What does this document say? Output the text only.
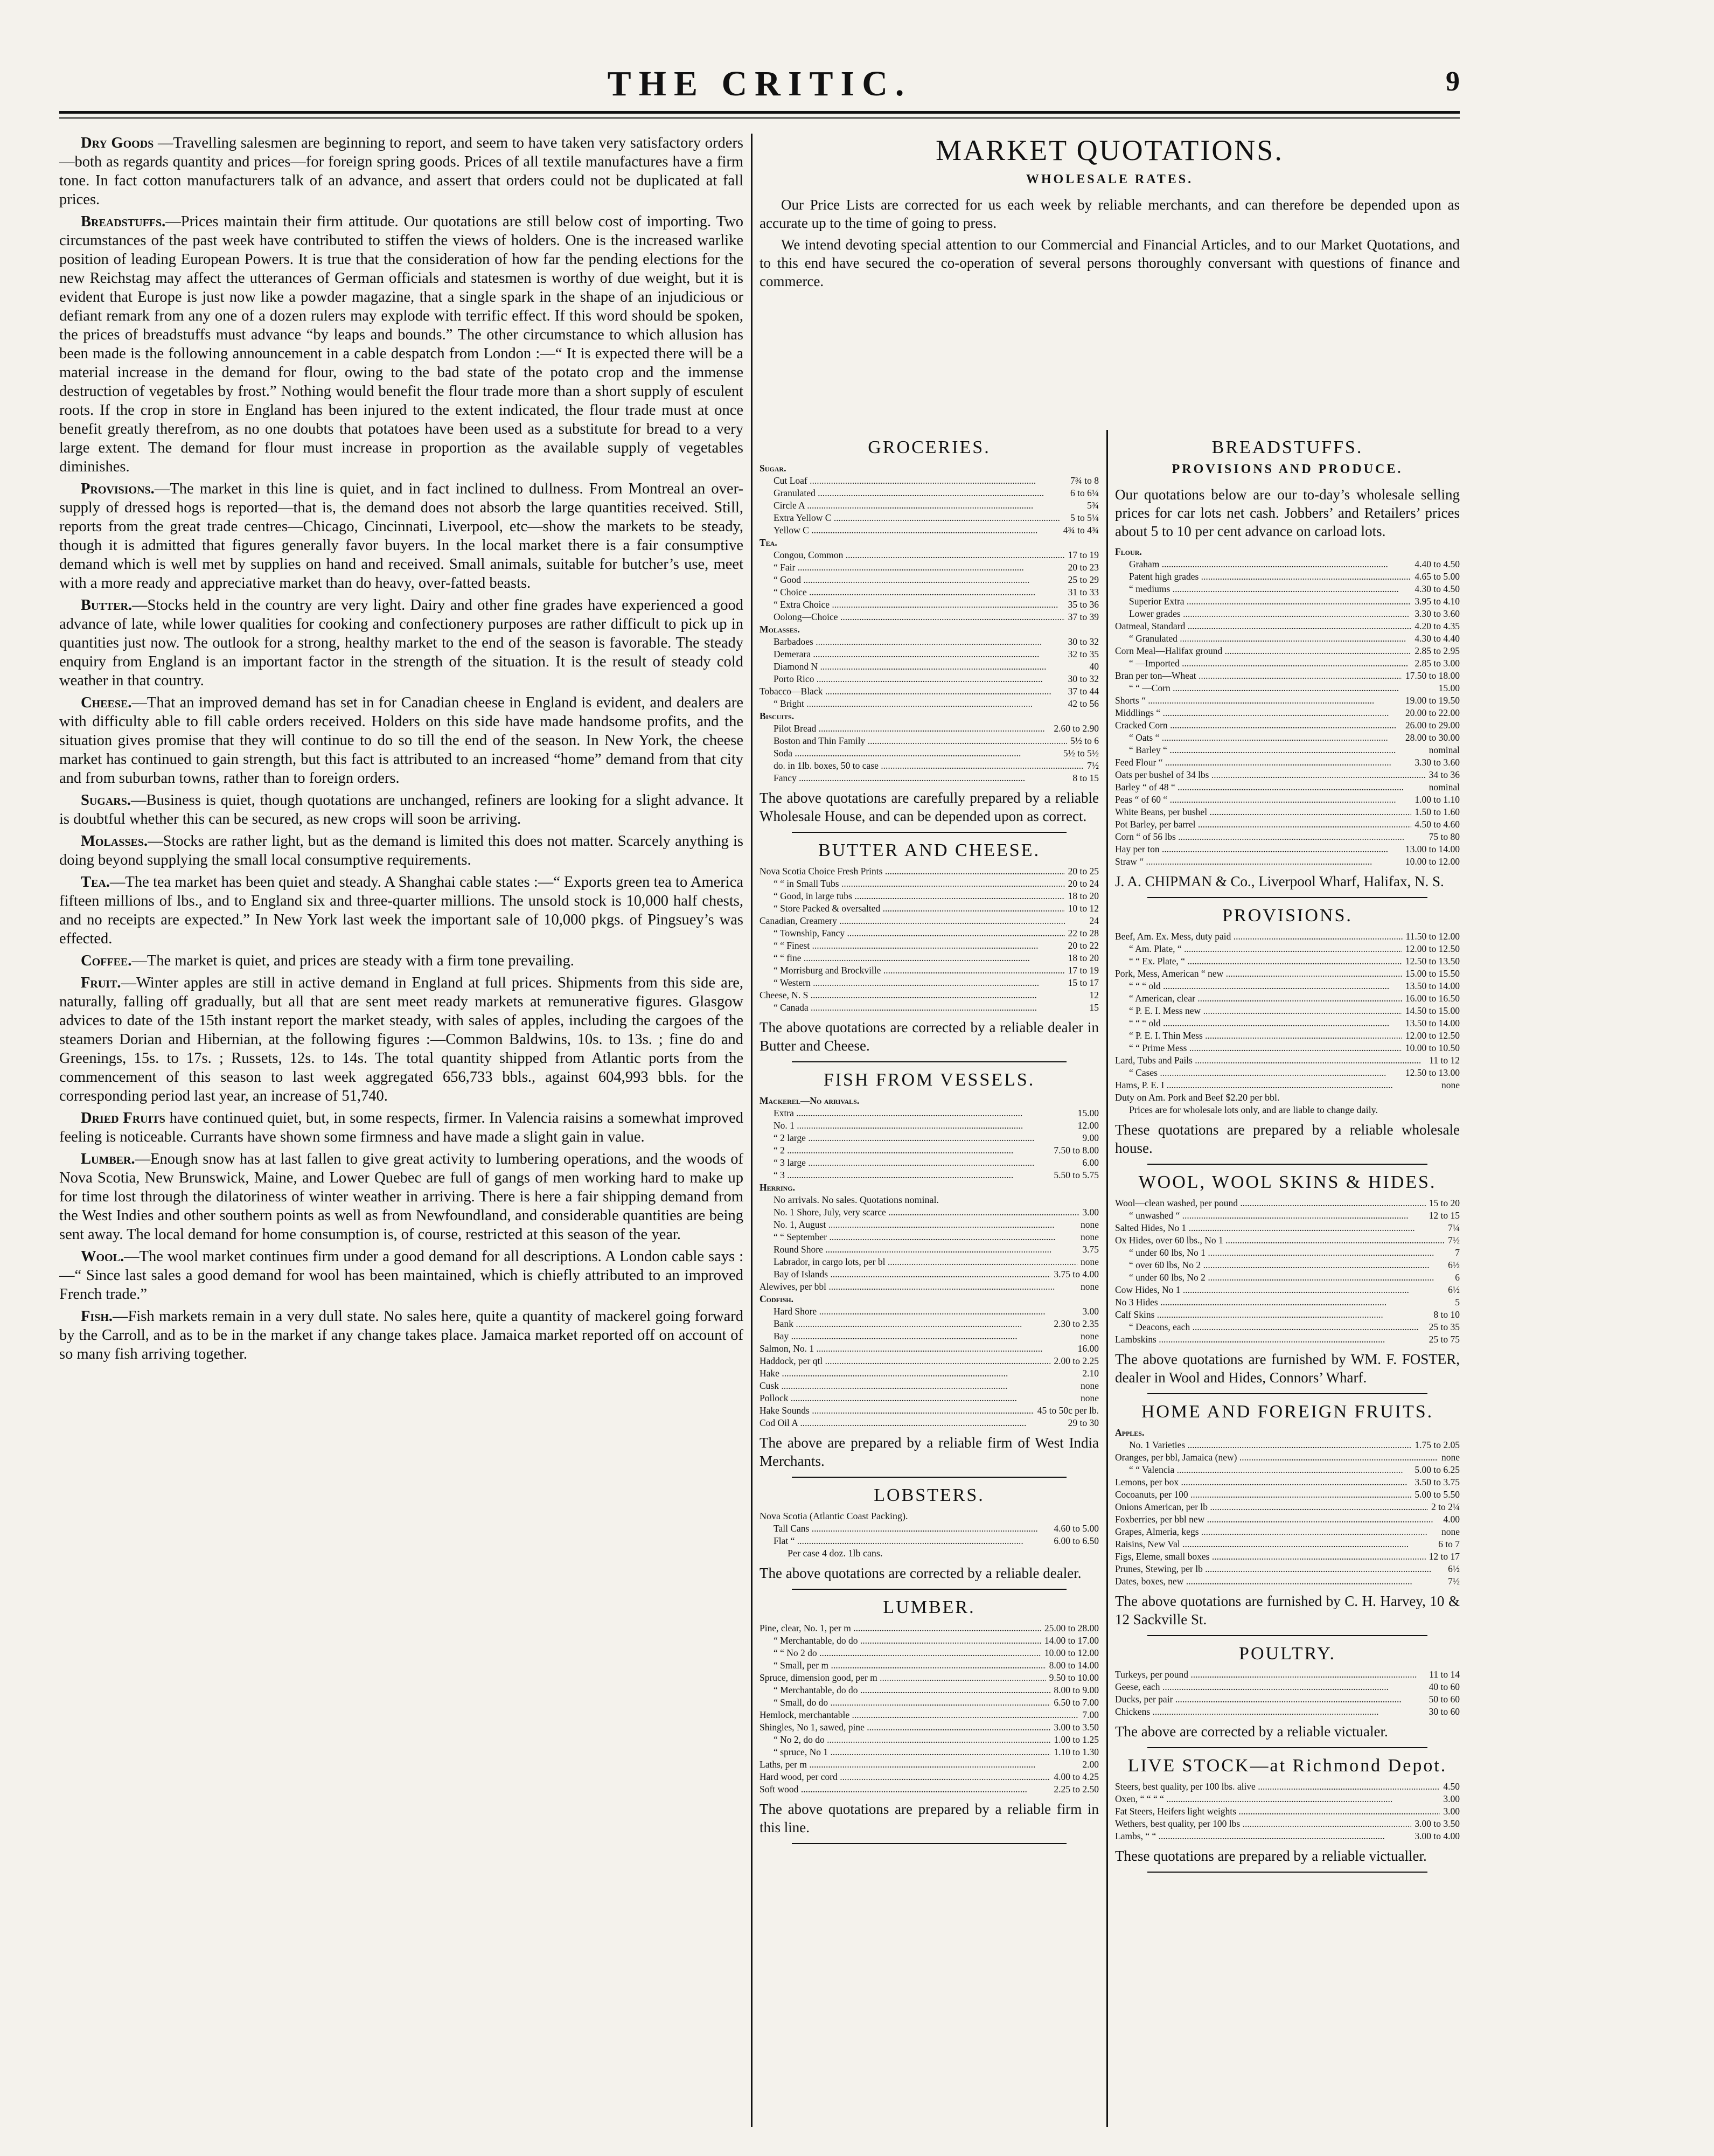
THE CRITIC.	9

Dry Goods —Travelling salesmen are beginning to report, and seem to have taken very satisfactory orders—both as regards quantity and prices—for foreign spring goods. Prices of all textile manufactures have a firm tone. In fact cotton manufacturers talk of an advance, and assert that orders could not be duplicated at fall prices.

Breadstuffs.—Prices maintain their firm attitude. Our quotations are still below cost of importing. Two circumstances of the past week have contributed to stiffen the views of holders. One is the increased warlike position of leading European Powers. It is true that the consideration of how far the pending elections for the new Reichstag may affect the utterances of German officials and statesmen is worthy of due weight, but it is evident that Europe is just now like a powder magazine, that a single spark in the shape of an injudicious or defiant remark from any one of a dozen rulers may explode with terrific effect. If this word should be spoken, the prices of breadstuffs must advance “by leaps and bounds.” The other circumstance to which allusion has been made is the following announcement in a cable despatch from London :—“ It is expected there will be a material increase in the demand for flour, owing to the bad state of the potato crop and the immense destruction of vegetables by frost.” Nothing would benefit the flour trade more than a short supply of esculent roots. If the crop in store in England has been injured to the extent indicated, the flour trade must at once benefit greatly therefrom, as no one doubts that potatoes have been used as a substitute for bread to a very large extent. The demand for flour must increase in proportion as the available supply of vegetables diminishes.

Provisions.—The market in this line is quiet, and in fact inclined to dullness. From Montreal an over-supply of dressed hogs is reported—that is, the demand does not absorb the large quantities received. Still, reports from the great trade centres—Chicago, Cincinnati, Liverpool, etc—show the markets to be steady, though it is admitted that figures generally favor buyers. In the local market there is a fair consumptive demand which is well met by supplies on hand and received. Small animals, suitable for butcher’s use, meet with a more ready and appreciative market than do heavy, over-fatted beasts.

Butter.—Stocks held in the country are very light. Dairy and other fine grades have experienced a good advance of late, while lower qualities for cooking and confectionery purposes are rather difficult to pick up in quantities just now. The outlook for a strong, healthy market to the end of the season is favorable. The steady enquiry from England is an important factor in the strength of the situation. It is the result of steady cold weather in that country.

Cheese.—That an improved demand has set in for Canadian cheese in England is evident, and dealers are with difficulty able to fill cable orders received. Holders on this side have made handsome profits, and the situation gives promise that they will continue to do so till the end of the season. In New York, the cheese market has continued to gain strength, but this fact is attributed to an increased “home” demand from that city and from suburban towns, rather than to foreign orders.

Sugars.—Business is quiet, though quotations are unchanged, refiners are looking for a slight advance. It is doubtful whether this can be secured, as new crops will soon be arriving.

Molasses.—Stocks are rather light, but as the demand is limited this does not matter. Scarcely anything is doing beyond supplying the small local consumptive requirements.

Tea.—The tea market has been quiet and steady. A Shanghai cable states :—“ Exports green tea to America fifteen millions of lbs., and to England six and three-quarter millions. The unsold stock is 10,000 half chests, and no receipts are expected.” In New York last week the important sale of 10,000 pkgs. of Pingsuey’s was effected.

Coffee.—The market is quiet, and prices are steady with a firm tone prevailing.

Fruit.—Winter apples are still in active demand in England at full prices. Shipments from this side are, naturally, falling off gradually, but all that are sent meet ready markets at remunerative figures. Glasgow advices to date of the 15th instant report the market steady, with sales of apples, including the cargoes of the steamers Dorian and Hibernian, at the following figures :—Common Baldwins, 10s. to 13s. ; fine do and Greenings, 15s. to 17s. ; Russets, 12s. to 14s. The total quantity shipped from Atlantic ports from the commencement of this season to last week aggregated 656,733 bbls., against 604,993 bbls. for the corresponding period last year, an increase of 51,740.

Dried Fruits have continued quiet, but, in some respects, firmer. In Valencia raisins a somewhat improved feeling is noticeable. Currants have shown some firmness and have made a slight gain in value.

Lumber.—Enough snow has at last fallen to give great activity to lumbering operations, and the woods of Nova Scotia, New Brunswick, Maine, and Lower Quebec are full of gangs of men working hard to make up for time lost through the dilatoriness of winter weather in arriving. There is here a fair shipping demand from the West Indies and other southern points as well as from Newfoundland, and considerable quantities are being sent away. The local demand for home consumption is, of course, restricted at this season of the year.

Wool.—The wool market continues firm under a good demand for all descriptions. A London cable says :—“ Since last sales a good demand for wool has been maintained, which is chiefly attributed to an improved French trade.”

Fish.—Fish markets remain in a very dull state. No sales here, quite a quantity of mackerel going forward by the Carroll, and as to be in the market if any change takes place. Jamaica market reported off on account of so many fish arriving together.

MARKET QUOTATIONS.
WHOLESALE RATES.

Our Price Lists are corrected for us each week by reliable merchants, and can therefore be depended upon as accurate up to the time of going to press.

We intend devoting special attention to our Commercial and Financial Articles, and to our Market Quotations, and to this end have secured the co-operation of several persons thoroughly conversant with questions of finance and commerce.

GROCERIES.
Sugar.
Cut Loaf .....	7¾ to 8
Granulated .....	6 to 6¼
Circle A .....	5¾
Extra Yellow C .....	5 to 5¼
Yellow C .....	4¾ to 4¾
Tea.
Congou, Common .....	17 to 19
“ Fair .....	20 to 23
“ Good .....	25 to 29
“ Choice .....	31 to 33
“ Extra Choice .....	35 to 36
Oolong—Choice .....	37 to 39
Molasses.
Barbadoes .....	30 to 32
Demerara .....	32 to 35
Diamond N .....	40
Porto Rico .....	30 to 32
Tobacco—Black .....	37 to 44
“ Bright .....	42 to 56
Biscuits.
Pilot Bread .....	2.60 to 2.90
Boston and Thin Family .....	5½ to 6
Soda .....	5½ to 5½
do. in 1lb. boxes, 50 to case .....	7½
Fancy .....	8 to 15

The above quotations are carefully prepared by a reliable Wholesale House, and can be depended upon as correct.

BUTTER AND CHEESE.
Nova Scotia Choice Fresh Prints .....	20 to 25
“ “ in Small Tubs .....	20 to 24
“ Good, in large tubs .....	18 to 20
“ Store Packed & oversalted .....	10 to 12
Canadian, Creamery .....	24
“ Township, Fancy .....	22 to 28
“ “ Finest .....	20 to 22
“ “ fine .....	18 to 20
“ Morrisburg and Brockville .....	17 to 19
“ Western .....	15 to 17
Cheese, N. S .....	12
“ Canada .....	15

The above quotations are corrected by a reliable dealer in Butter and Cheese.

FISH FROM VESSELS.
Mackerel—No arrivals.
Extra .....	15.00
No. 1 .....	12.00
“ 2 large .....	9.00
“ 2 .....	7.50 to 8.00
“ 3 large .....	6.00
“ 3 .....	5.50 to 5.75
Herring.
No arrivals. No sales. Quotations nominal.
No. 1 Shore, July, very scarce .....	3.00
No. 1, August .....	none
“ “ September .....	none
Round Shore .....	3.75
Labrador, in cargo lots, per bl .....	none
Bay of Islands .....	3.75 to 4.00
Alewives, per bbl .....	none
Codfish.
Hard Shore .....	3.00
Bank .....	2.30 to 2.35
Bay .....	none
Salmon, No. 1 .....	16.00
Haddock, per qtl .....	2.00 to 2.25
Hake .....	2.10
Cusk .....	none
Pollock .....	none
Hake Sounds .....	45 to 50c per lb.
Cod Oil A .....	29 to 30

The above are prepared by a reliable firm of West India Merchants.

LOBSTERS.
Nova Scotia (Atlantic Coast Packing).
Tall Cans .....	4.60 to 5.00
Flat “ .....	6.00 to 6.50
Per case 4 doz. 1lb cans.

The above quotations are corrected by a reliable dealer.

LUMBER.
Pine, clear, No. 1, per m .....	25.00 to 28.00
“ Merchantable, do do .....	14.00 to 17.00
“ “ No 2 do .....	10.00 to 12.00
“ Small, per m .....	8.00 to 14.00
Spruce, dimension good, per m .....	9.50 to 10.00
“ Merchantable, do do .....	8.00 to 9.00
“ Small, do do .....	6.50 to 7.00
Hemlock, merchantable .....	7.00
Shingles, No 1, sawed, pine .....	3.00 to 3.50
“ No 2, do do .....	1.00 to 1.25
“ spruce, No 1 .....	1.10 to 1.30
Laths, per m .....	2.00
Hard wood, per cord .....	4.00 to 4.25
Soft wood .....	2.25 to 2.50

The above quotations are prepared by a reliable firm in this line.

BREADSTUFFS.
PROVISIONS AND PRODUCE.

Our quotations below are our to-day’s wholesale selling prices for car lots net cash. Jobbers’ and Retailers’ prices about 5 to 10 per cent advance on carload lots.

Flour.
Graham .....	4.40 to 4.50
Patent high grades .....	4.65 to 5.00
“ mediums .....	4.30 to 4.50
Superior Extra .....	3.95 to 4.10
Lower grades .....	3.30 to 3.60
Oatmeal, Standard .....	4.20 to 4.35
“ Granulated .....	4.30 to 4.40
Corn Meal—Halifax ground .....	2.85 to 2.95
“ —Imported .....	2.85 to 3.00
Bran per ton—Wheat .....	17.50 to 18.00
“ “ —Corn .....	15.00
Shorts “ .....	19.00 to 19.50
Middlings “ .....	20.00 to 22.00
Cracked Corn .....	26.00 to 29.00
“ Oats “ .....	28.00 to 30.00
“ Barley “ .....	nominal
Feed Flour “ .....	3.30 to 3.60
Oats per bushel of 34 lbs .....	34 to 36
Barley “ of 48 “ .....	nominal
Peas “ of 60 “ .....	1.00 to 1.10
White Beans, per bushel .....	1.50 to 1.60
Pot Barley, per barrel .....	4.50 to 4.60
Corn “ of 56 lbs .....	75 to 80
Hay per ton .....	13.00 to 14.00
Straw “ .....	10.00 to 12.00

J. A. CHIPMAN & Co., Liverpool Wharf, Halifax, N. S.

PROVISIONS.
Beef, Am. Ex. Mess, duty paid .....	11.50 to 12.00
“ Am. Plate, “ .....	12.00 to 12.50
“ “ Ex. Plate, “ .....	12.50 to 13.50
Pork, Mess, American “ new .....	15.00 to 15.50
“ “ “ old .....	13.50 to 14.00
“ American, clear .....	16.00 to 16.50
“ P. E. I. Mess new .....	14.50 to 15.00
“ “ “ old .....	13.50 to 14.00
“ P. E. I. Thin Mess .....	12.00 to 12.50
“ “ Prime Mess .....	10.00 to 10.50
Lard, Tubs and Pails .....	11 to 12
“ Cases .....	12.50 to 13.00
Hams, P. E. I .....	none
Duty on Am. Pork and Beef $2.20 per bbl.
Prices are for wholesale lots only, and are liable to change daily.

These quotations are prepared by a reliable wholesale house.

WOOL, WOOL SKINS & HIDES.
Wool—clean washed, per pound .....	15 to 20
“ unwashed “ .....	12 to 15
Salted Hides, No 1 .....	7¼
Ox Hides, over 60 lbs., No 1 .....	7½
“ under 60 lbs, No 1 .....	7
“ over 60 lbs, No 2 .....	6½
“ under 60 lbs, No 2 .....	6
Cow Hides, No 1 .....	6½
No 3 Hides .....	5
Calf Skins .....	8 to 10
“ Deacons, each .....	25 to 35
Lambskins .....	25 to 75

The above quotations are furnished by WM. F. FOSTER, dealer in Wool and Hides, Connors’ Wharf.

HOME AND FOREIGN FRUITS.
Apples.
No. 1 Varieties .....	1.75 to 2.05
Oranges, per bbl, Jamaica (new) .....	none
“ “ Valencia .....	5.00 to 6.25
Lemons, per box .....	3.50 to 3.75
Cocoanuts, per 100 .....	5.00 to 5.50
Onions American, per lb .....	2 to 2¼
Foxberries, per bbl new .....	4.00
Grapes, Almeria, kegs .....	none
Raisins, New Val .....	6 to 7
Figs, Eleme, small boxes .....	12 to 17
Prunes, Stewing, per lb .....	6½
Dates, boxes, new .....	7½

The above quotations are furnished by C. H. Harvey, 10 & 12 Sackville St.

POULTRY.
Turkeys, per pound .....	11 to 14
Geese, each .....	40 to 60
Ducks, per pair .....	50 to 60
Chickens .....	30 to 60

The above are corrected by a reliable victualer.

LIVE STOCK—at Richmond Depot.
Steers, best quality, per 100 lbs. alive .....	4.50
Oxen, “ “ “ “ .....	3.00
Fat Steers, Heifers light weights .....	3.00
Wethers, best quality, per 100 lbs .....	3.00 to 3.50
Lambs, “ “ .....	3.00 to 4.00

These quotations are prepared by a reliable victualler.
